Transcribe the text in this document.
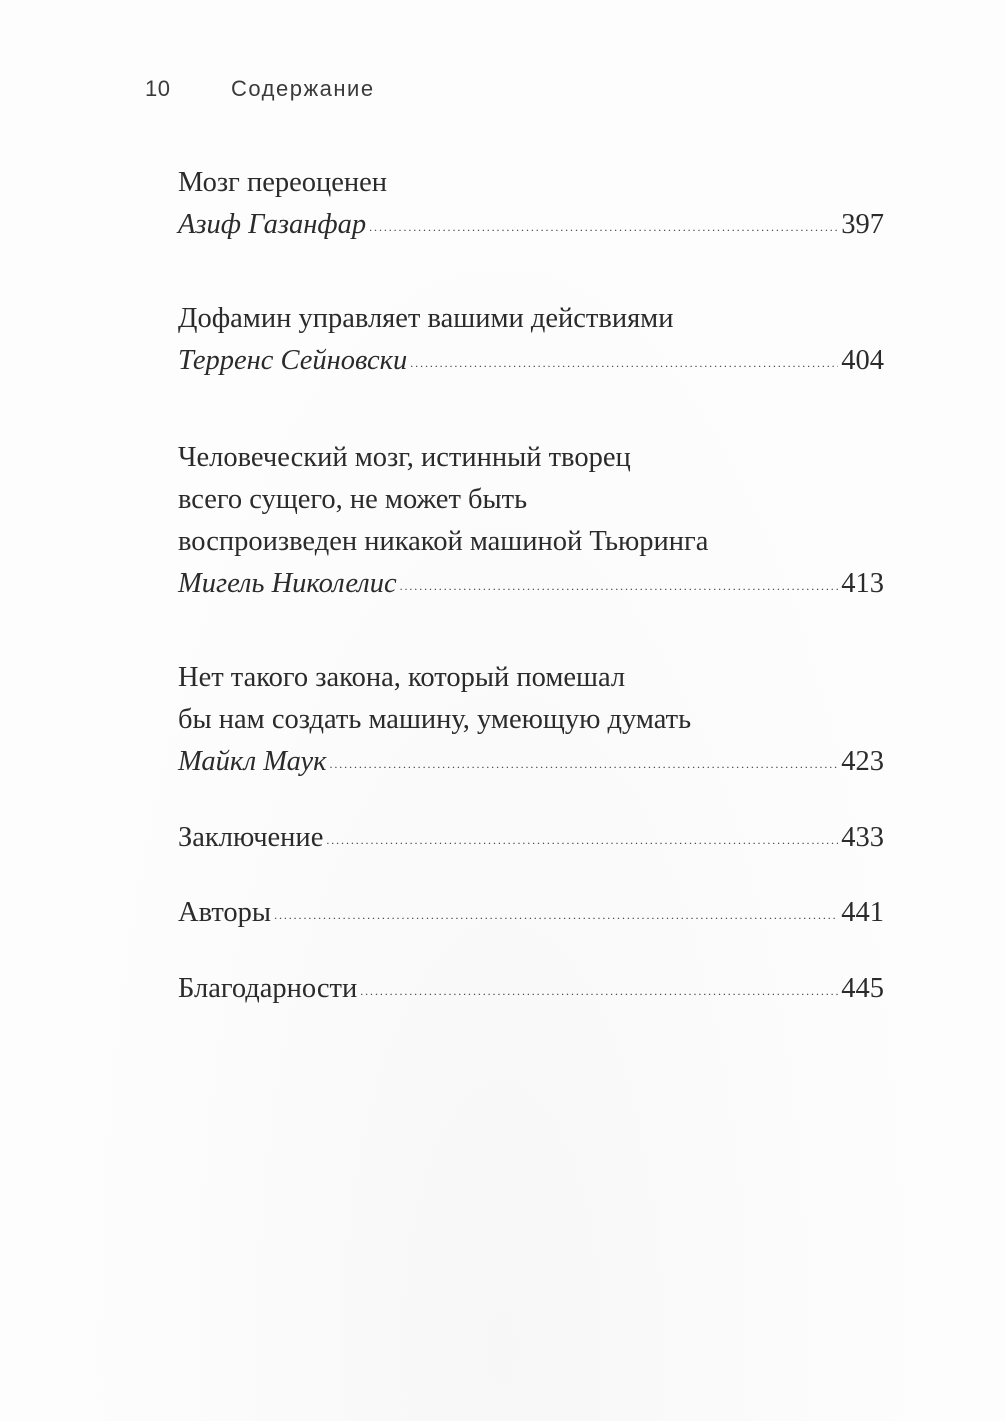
10	Содержание
Мозг переоценен
Азиф Газанфар .....	397
Дофамин управляет вашими действиями
Терренс Сейновски .....	404
Человеческий мозг, истинный творец
всего сущего, не может быть
воспроизведен никакой машиной Тьюринга
Мигель Николелис .....	413
Нет такого закона, который помешал
бы нам создать машину, умеющую думать
Майкл Маук .....	423
Заключение .....	433
Авторы .....	441
Благодарности .....	445
